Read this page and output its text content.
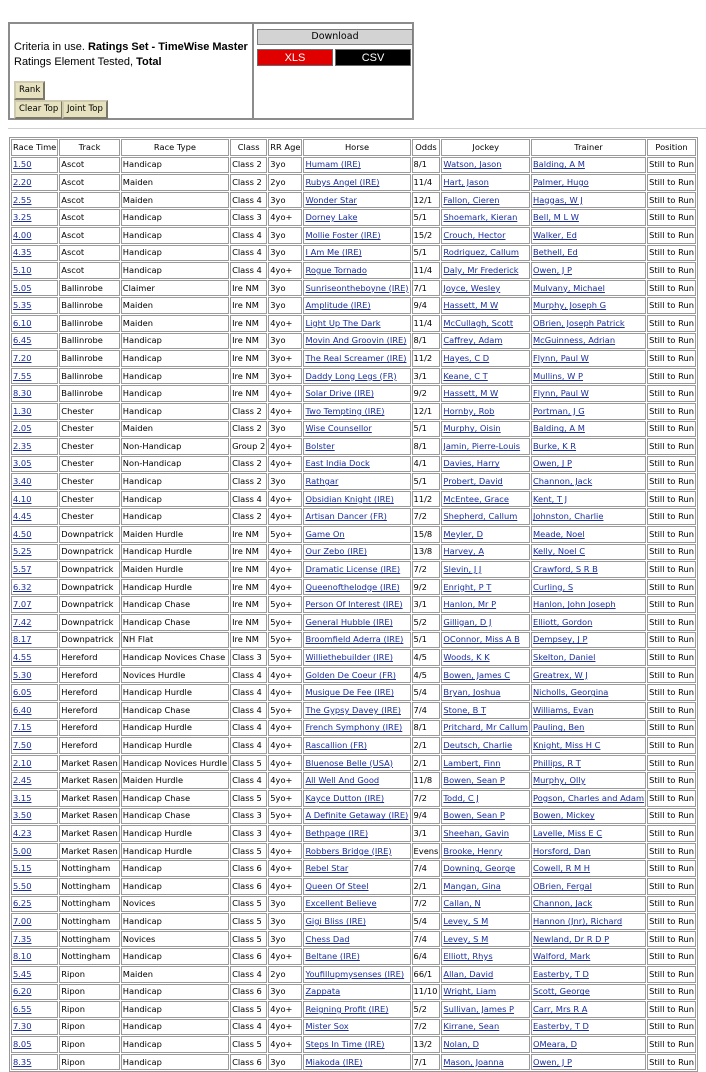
Criteria in use. Ratings Set - TimeWise Master
Ratings Element Tested, Total
Rank
Clear Top	Joint Top
Download
XLS	CSV
Race Time	Track	Race Type	Class	RR Age	Horse	Odds	Jockey	Trainer	Position
1.50	Ascot	Handicap	Class 2	3yo	Humam (IRE)	8/1	Watson, Jason	Balding, A M	Still to Run
2.20	Ascot	Maiden	Class 2	2yo	Rubys Angel (IRE)	11/4	Hart, Jason	Palmer, Hugo	Still to Run
2.55	Ascot	Maiden	Class 4	3yo	Wonder Star	12/1	Fallon, Cieren	Haggas, W J	Still to Run
3.25	Ascot	Handicap	Class 3	4yo+	Dorney Lake	5/1	Shoemark, Kieran	Bell, M L W	Still to Run
4.00	Ascot	Handicap	Class 4	3yo	Mollie Foster (IRE)	15/2	Crouch, Hector	Walker, Ed	Still to Run
4.35	Ascot	Handicap	Class 4	3yo	I Am Me (IRE)	5/1	Rodriguez, Callum	Bethell, Ed	Still to Run
5.10	Ascot	Handicap	Class 4	4yo+	Rogue Tornado	11/4	Daly, Mr Frederick	Owen, J P	Still to Run
5.05	Ballinrobe	Claimer	Ire NM	3yo	Sunriseontheboyne (IRE)	7/1	Joyce, Wesley	Mulvany, Michael	Still to Run
5.35	Ballinrobe	Maiden	Ire NM	3yo	Amplitude (IRE)	9/4	Hassett, M W	Murphy, Joseph G	Still to Run
6.10	Ballinrobe	Maiden	Ire NM	4yo+	Light Up The Dark	11/4	McCullagh, Scott	OBrien, Joseph Patrick	Still to Run
6.45	Ballinrobe	Handicap	Ire NM	3yo	Movin And Groovin (IRE)	8/1	Caffrey, Adam	McGuinness, Adrian	Still to Run
7.20	Ballinrobe	Handicap	Ire NM	3yo+	The Real Screamer (IRE)	11/2	Hayes, C D	Flynn, Paul W	Still to Run
7.55	Ballinrobe	Handicap	Ire NM	3yo+	Daddy Long Legs (FR)	3/1	Keane, C T	Mullins, W P	Still to Run
8.30	Ballinrobe	Handicap	Ire NM	4yo+	Solar Drive (IRE)	9/2	Hassett, M W	Flynn, Paul W	Still to Run
1.30	Chester	Handicap	Class 2	4yo+	Two Tempting (IRE)	12/1	Hornby, Rob	Portman, J G	Still to Run
2.05	Chester	Maiden	Class 2	3yo	Wise Counsellor	5/1	Murphy, Oisin	Balding, A M	Still to Run
2.35	Chester	Non-Handicap	Group 2	4yo+	Bolster	8/1	Jamin, Pierre-Louis	Burke, K R	Still to Run
3.05	Chester	Non-Handicap	Class 2	4yo+	East India Dock	4/1	Davies, Harry	Owen, J P	Still to Run
3.40	Chester	Handicap	Class 2	3yo	Rathgar	5/1	Probert, David	Channon, Jack	Still to Run
4.10	Chester	Handicap	Class 4	4yo+	Obsidian Knight (IRE)	11/2	McEntee, Grace	Kent, T J	Still to Run
4.45	Chester	Handicap	Class 2	4yo+	Artisan Dancer (FR)	7/2	Shepherd, Callum	Johnston, Charlie	Still to Run
4.50	Downpatrick	Maiden Hurdle	Ire NM	5yo+	Game On	15/8	Meyler, D	Meade, Noel	Still to Run
5.25	Downpatrick	Handicap Hurdle	Ire NM	4yo+	Our Zebo (IRE)	13/8	Harvey, A	Kelly, Noel C	Still to Run
5.57	Downpatrick	Maiden Hurdle	Ire NM	4yo+	Dramatic License (IRE)	7/2	Slevin, J J	Crawford, S R B	Still to Run
6.32	Downpatrick	Handicap Hurdle	Ire NM	4yo+	Queenofthelodge (IRE)	9/2	Enright, P T	Curling, S	Still to Run
7.07	Downpatrick	Handicap Chase	Ire NM	5yo+	Person Of Interest (IRE)	3/1	Hanlon, Mr P	Hanlon, John Joseph	Still to Run
7.42	Downpatrick	Handicap Chase	Ire NM	5yo+	General Hubble (IRE)	5/2	Gilligan, D J	Elliott, Gordon	Still to Run
8.17	Downpatrick	NH Flat	Ire NM	5yo+	Broomfield Aderra (IRE)	5/1	OConnor, Miss A B	Dempsey, J P	Still to Run
4.55	Hereford	Handicap Novices Chase	Class 3	5yo+	Williethebuilder (IRE)	4/5	Woods, K K	Skelton, Daniel	Still to Run
5.30	Hereford	Novices Hurdle	Class 4	4yo+	Golden De Coeur (FR)	4/5	Bowen, James C	Greatrex, W J	Still to Run
6.05	Hereford	Handicap Hurdle	Class 4	4yo+	Musique De Fee (IRE)	5/4	Bryan, Joshua	Nicholls, Georgina	Still to Run
6.40	Hereford	Handicap Chase	Class 4	5yo+	The Gypsy Davey (IRE)	7/4	Stone, B T	Williams, Evan	Still to Run
7.15	Hereford	Handicap Hurdle	Class 4	4yo+	French Symphony (IRE)	8/1	Pritchard, Mr Callum	Pauling, Ben	Still to Run
7.50	Hereford	Handicap Hurdle	Class 4	4yo+	Rascallion (FR)	2/1	Deutsch, Charlie	Knight, Miss H C	Still to Run
2.10	Market Rasen	Handicap Novices Hurdle	Class 5	4yo+	Bluenose Belle (USA)	2/1	Lambert, Finn	Phillips, R T	Still to Run
2.45	Market Rasen	Maiden Hurdle	Class 4	4yo+	All Well And Good	11/8	Bowen, Sean P	Murphy, Olly	Still to Run
3.15	Market Rasen	Handicap Chase	Class 5	5yo+	Kayce Dutton (IRE)	7/2	Todd, C J	Pogson, Charles and Adam	Still to Run
3.50	Market Rasen	Handicap Chase	Class 3	5yo+	A Definite Getaway (IRE)	9/4	Bowen, Sean P	Bowen, Mickey	Still to Run
4.23	Market Rasen	Handicap Hurdle	Class 3	4yo+	Bethpage (IRE)	3/1	Sheehan, Gavin	Lavelle, Miss E C	Still to Run
5.00	Market Rasen	Handicap Hurdle	Class 5	4yo+	Robbers Bridge (IRE)	Evens	Brooke, Henry	Horsford, Dan	Still to Run
5.15	Nottingham	Handicap	Class 6	4yo+	Rebel Star	7/4	Downing, George	Cowell, R M H	Still to Run
5.50	Nottingham	Handicap	Class 6	4yo+	Queen Of Steel	2/1	Mangan, Gina	OBrien, Fergal	Still to Run
6.25	Nottingham	Novices	Class 5	3yo	Excellent Believe	7/2	Callan, N	Channon, Jack	Still to Run
7.00	Nottingham	Handicap	Class 5	3yo	Gigi Bliss (IRE)	5/4	Levey, S M	Hannon (Jnr), Richard	Still to Run
7.35	Nottingham	Novices	Class 5	3yo	Chess Dad	7/4	Levey, S M	Newland, Dr R D P	Still to Run
8.10	Nottingham	Handicap	Class 6	4yo+	Beltane (IRE)	6/4	Elliott, Rhys	Walford, Mark	Still to Run
5.45	Ripon	Maiden	Class 4	2yo	Youfillupmysenses (IRE)	66/1	Allan, David	Easterby, T D	Still to Run
6.20	Ripon	Handicap	Class 6	3yo	Zappata	11/10	Wright, Liam	Scott, George	Still to Run
6.55	Ripon	Handicap	Class 5	4yo+	Reigning Profit (IRE)	5/2	Sullivan, James P	Carr, Mrs R A	Still to Run
7.30	Ripon	Handicap	Class 4	4yo+	Mister Sox	7/2	Kirrane, Sean	Easterby, T D	Still to Run
8.05	Ripon	Handicap	Class 5	4yo+	Steps In Time (IRE)	13/2	Nolan, D	OMeara, D	Still to Run
8.35	Ripon	Handicap	Class 6	3yo	Miakoda (IRE)	7/1	Mason, Joanna	Owen, J P	Still to Run
